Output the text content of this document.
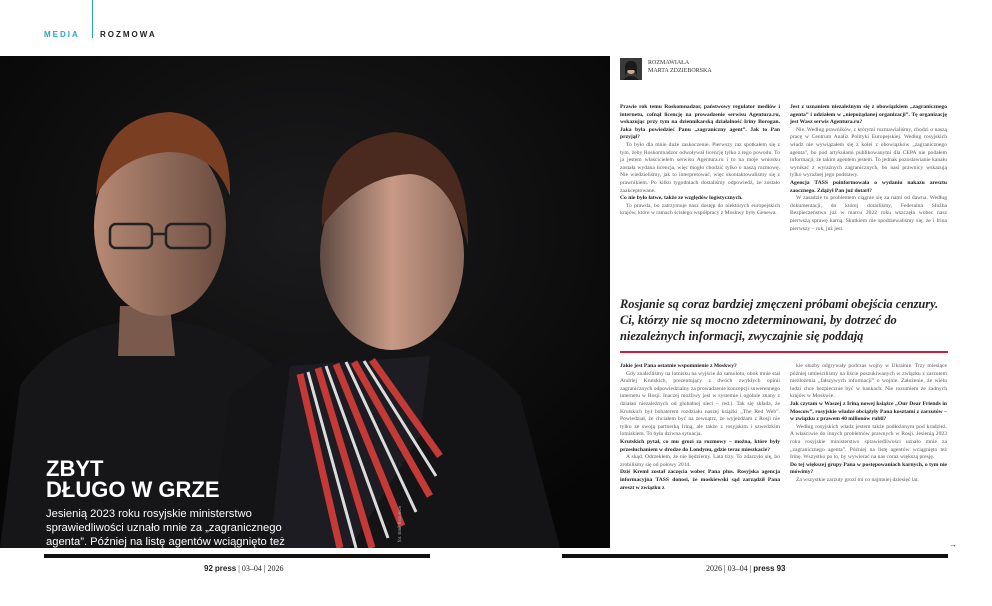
MEDIA	ROZMOWA
ZBYT
DŁUGO W GRZE

Jesienią 2023 roku rosyjskie ministerstwo sprawiedliwości uznało mnie za „zagranicznego agenta”. Później na listę agentów wciągnięto też	fot. Emil Bezumov
ROZMAWIAŁA
MARTA ZDZIEBORSKA

Prawie rok temu Roskomnadzor, państwowy regulator mediów i internetu, cofnął licencję na prowadzenie serwisu Agentura.ru, wskazując przy tym na dziennikarską działalność Iriny Borogan. Jaka była powiedzieć Panu „zagraniczny agent”. Jak to Pan przyjął?

To było dla mnie duże zaskoczenie. Pierwszy raz spotkałem się z tym, żeby Roskomnadzor odwoływał licencję tylko z tego powodu. To ja jestem właścicielem serwisu Agentura.ru i to na moje wniosku została wydana licencja, więc mogło chodzić tylko o naszą rozmowę. Nie wiedzieliśmy, jak to interpretować, więc skontaktowaliśmy się z prawnikiem. Po kilku tygodniach dostaliśmy odpowiedź, że zostało zaakceptowane.

Co nie było łatwe, także ze względów logistycznych.

To prawda, bo zatrzymuje nasz dostęp do niektórych europejskich krajów, które w ramach ścisłego współpracy z Moskwy były Genewa.

Jest z uznaniem niezależnym się z obowiązkiem „zagranicznego agenta” i udziałem w „niepożądanej organizacji”. Tę organizację jest Wasz serwis Agentura.ru?

Nie. Według prawników, z którymi rozmawialiśmy, chodzi o naszą pracę w Centrum Analiz Polityki Europejskiej. Według rosyjskich władz nie wywiązałem się z kolei z obowiązków „zagranicznego agenta”, bo pod artykułami publikowanymi dla CEPA nie podałem informacji, że takim agentem jestem. To jednak pozostawianie kanału wynikać z wyraźnych zagranicznych, bo nasi prawnicy wskazują tylko wyraźnej jego podstawy.

Agencja TASS poinformowała o wydaniu nakazu aresztu zaocznego. Zdążył Pan już dotarł?

W zasadzie to problemem ciągnie się za nami od dawna. Według dokumentacji, do której dotarliśmy, Federalna Służba Bezpieczeństwa już w marcu 2022 roku wszczęła wobec nasz pierwszą sprawę karną. Skutkiem nie spodziewaliśmy się, że i Irina pierwszy – rok, już jest.

Rosjanie są coraz bardziej zmęczeni próbami obejścia cenzury. Ci, którzy nie są mocno zdeterminowani, by dotrzeć do niezależnych informacji, zwyczajnie się poddają

Jakie jest Pana ostatnie wspomnienie z Moskwy?

Gdy znaleźliśmy na lotnisku na wyjście do samolotu, obok mnie stał Andriej Krutskich, prezentujący z dwóch zwykłych opinii zagranicznych odpowiedzialny za prowadzenie koncepcji suwerennego internetu w Rosji. Inaczej możliwy jest w systemie i ogólnie znany z działań niezależnych od globalnej sieci – red.). Tak się składa, że Krutskich był bohaterem rozdziału naszej książki „The Red Web”. Powiedział, że chciałem być na zewnątrz, że wyjeżdżam z Rosji nie tylko ze swoją partnerką Iriną, ale także z rosyjskim i szwedzkim lotniskiem. To była dziwna sytuacja.

Krutskich pytał, co mu grozi za rozmowy – można, które były przesłuchaniem w drodze do Londynu, gdzie teraz mieszkacie?

A skąd. Odrzekłem, że nie będziemy. Lata trzy. To zdarzyło się, bo zrobiliśmy się od połowy 2014.

Dziś Kremł został zaczęcia wobec Pana plus. Rosyjska agencja informacyjna TASS donosi, że moskiewski sąd zarządził Pana areszt w związku z

kie służby odgrywały podczas wojny w Ukrainie. Trzy miesiące później umieściliśmy na liście poszukiwanych w związku z zarzutem niezłożenia „fałszywych informacji” o wojnie. Założenie, że wielu ludzi chce bezpiecznie być w bankach. Nie rozumiem że żadnych krajów w Moskwie.

Jak czytam w Waszej z Iriną nowej książce „Our Dear Friends in Moscow”, rosyjskie władze obciążyły Pana kosztami z zarzutów – w związku z prawem 40 milionów rubli?

Według rosyjskich władz jestem także podłożonym pod kradzież. A właściwie do innych problemów prawnych w Rosji. Jesienią 2023 roku rosyjskie ministerstwo sprawiedliwości uznało mnie za „zagranicznego agenta”. Później na listę agentów wciągnięto też Irinę. Wszystko po to, by wywierać na nas coraz większą presję.

Do tej większej grupy Pana w postępowaniach karnych, o tym nie mówimy?

Za wszystkie zarzuty grozi mi co najmniej dziesięć lat.

→
92 press | 03–04 | 2026	2026 | 03–04 | press 93
